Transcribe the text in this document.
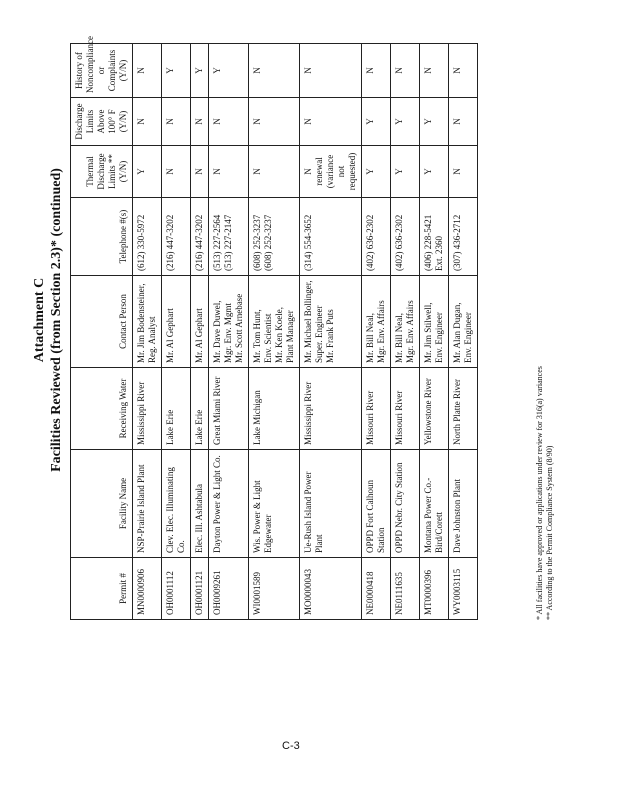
Attachment C Facilities Reviewed (from Section 2.3)* (continued)
Permit #	Facility Name	Receiving Water	Contact Person	Telephone #(s)	Thermal Discharge Limits ** (Y/N)	Discharge Limits Above 100° F (Y/N)	History of Noncompliance or Complaints (Y/N)
MN0000906	NSP-Prairie Island Plant	Mississippi River	Mr. Jim Bodensteiner, Reg. Analyst	(612) 330-5972	Y	N	N
OH0001112	Clev. Elec. Illuminating Co.	Lake Erie	Mr. Al Gephart	(216) 447-3202	N	N	Y
OH0001121	Elec. Ill. Ashtabula	Lake Erie	Mr. Al Gephart	(216) 447-3202	N	N	Y
OH0009261	Dayton Power & Light Co.	Great Miami River	Mr. Dave Duwel, Mgr. Env. Mgmt Mr. Scott Arnebase	(513) 227-2564 (513) 227-2147	N	N	Y
WI0001589	Wis. Power & Light Edgewater	Lake Michigan	Mr. Tom Hunt, Env. Scientist Mr. Ken Koele, Plant Manager	(608) 252-3237 (608) 252-3237	N	N	N
MO0000043	Ue-Rush Island Power Plant	Mississippi River	Mr. Michael Bollinger, Super. Engineer Mr. Frank Puts	(314) 554-3652	N renewal (variance not requested)	N	N
NE0000418	OPPD Fort Calhoun Station	Missouri River	Mr. Bill Neal, Mgr. Env. Affairs	(402) 636-2302	Y	Y	N
NE0111635	OPPD Nebr. City Station	Missouri River	Mr. Bill Neal, Mgr. Env. Affairs	(402) 636-2302	Y	Y	N
MT0000396	Montana Power Co.-Bird/Corett	Yellowstone River	Mr. Jim Stilwell, Env. Engineer	(406) 228-5421 Ext. 2360	Y	Y	N
WY0003115	Dave Johnston Plant	North Platte River	Mr. Alan Dugan, Env. Engineer	(307) 436-2712	N	N	N
* All facilities have approved or applications under review for 316(a) variances ** According to the Permit Compliance System (8/90)
C-3
